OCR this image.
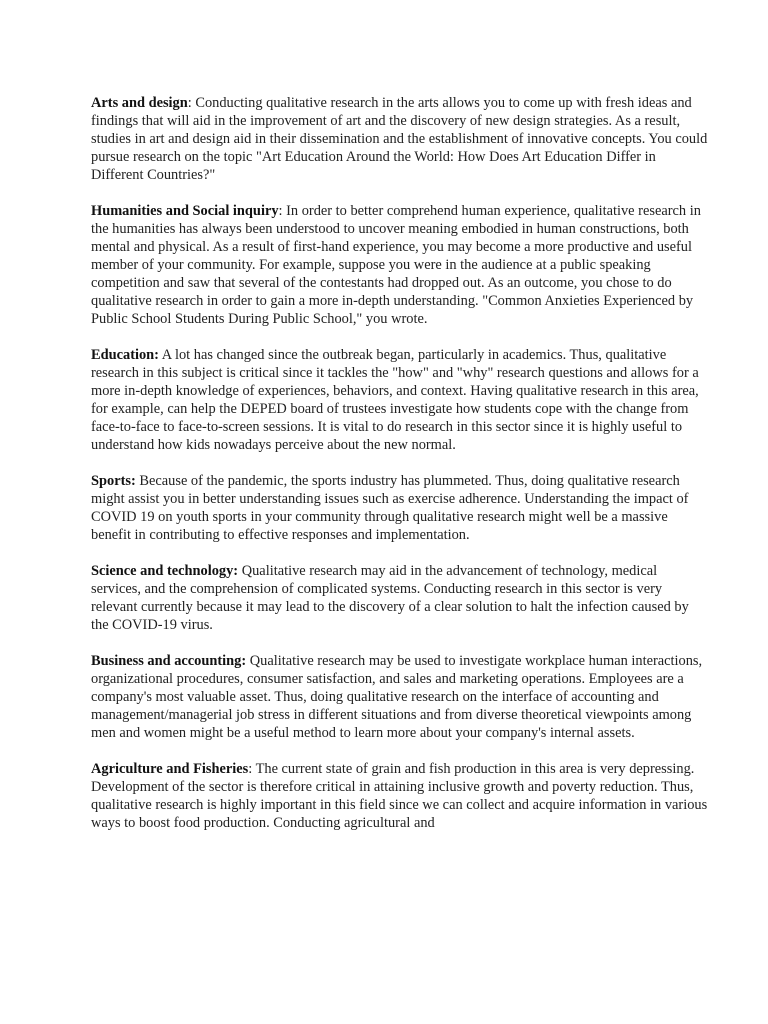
Arts and design: Conducting qualitative research in the arts allows you to come up with fresh ideas and findings that will aid in the improvement of art and the discovery of new design strategies. As a result, studies in art and design aid in their dissemination and the establishment of innovative concepts. You could pursue research on the topic "Art Education Around the World: How Does Art Education Differ in Different Countries?"

Humanities and Social inquiry: In order to better comprehend human experience, qualitative research in the humanities has always been understood to uncover meaning embodied in human constructions, both mental and physical. As a result of first-hand experience, you may become a more productive and useful member of your community. For example, suppose you were in the audience at a public speaking competition and saw that several of the contestants had dropped out. As an outcome, you chose to do qualitative research in order to gain a more in-depth understanding. "Common Anxieties Experienced by Public School Students During Public School," you wrote.

Education: A lot has changed since the outbreak began, particularly in academics. Thus, qualitative research in this subject is critical since it tackles the "how" and "why" research questions and allows for a more in-depth knowledge of experiences, behaviors, and context. Having qualitative research in this area, for example, can help the DEPED board of trustees investigate how students cope with the change from face-to-face to face-to-screen sessions. It is vital to do research in this sector since it is highly useful to understand how kids nowadays perceive about the new normal.

Sports: Because of the pandemic, the sports industry has plummeted. Thus, doing qualitative research might assist you in better understanding issues such as exercise adherence. Understanding the impact of COVID 19 on youth sports in your community through qualitative research might well be a massive benefit in contributing to effective responses and implementation.

Science and technology: Qualitative research may aid in the advancement of technology, medical services, and the comprehension of complicated systems. Conducting research in this sector is very relevant currently because it may lead to the discovery of a clear solution to halt the infection caused by the COVID-19 virus.

Business and accounting: Qualitative research may be used to investigate workplace human interactions, organizational procedures, consumer satisfaction, and sales and marketing operations. Employees are a company's most valuable asset. Thus, doing qualitative research on the interface of accounting and management/managerial job stress in different situations and from diverse theoretical viewpoints among men and women might be a useful method to learn more about your company's internal assets.

Agriculture and Fisheries: The current state of grain and fish production in this area is very depressing. Development of the sector is therefore critical in attaining inclusive growth and poverty reduction. Thus, qualitative research is highly important in this field since we can collect and acquire information in various ways to boost food production. Conducting agricultural and
